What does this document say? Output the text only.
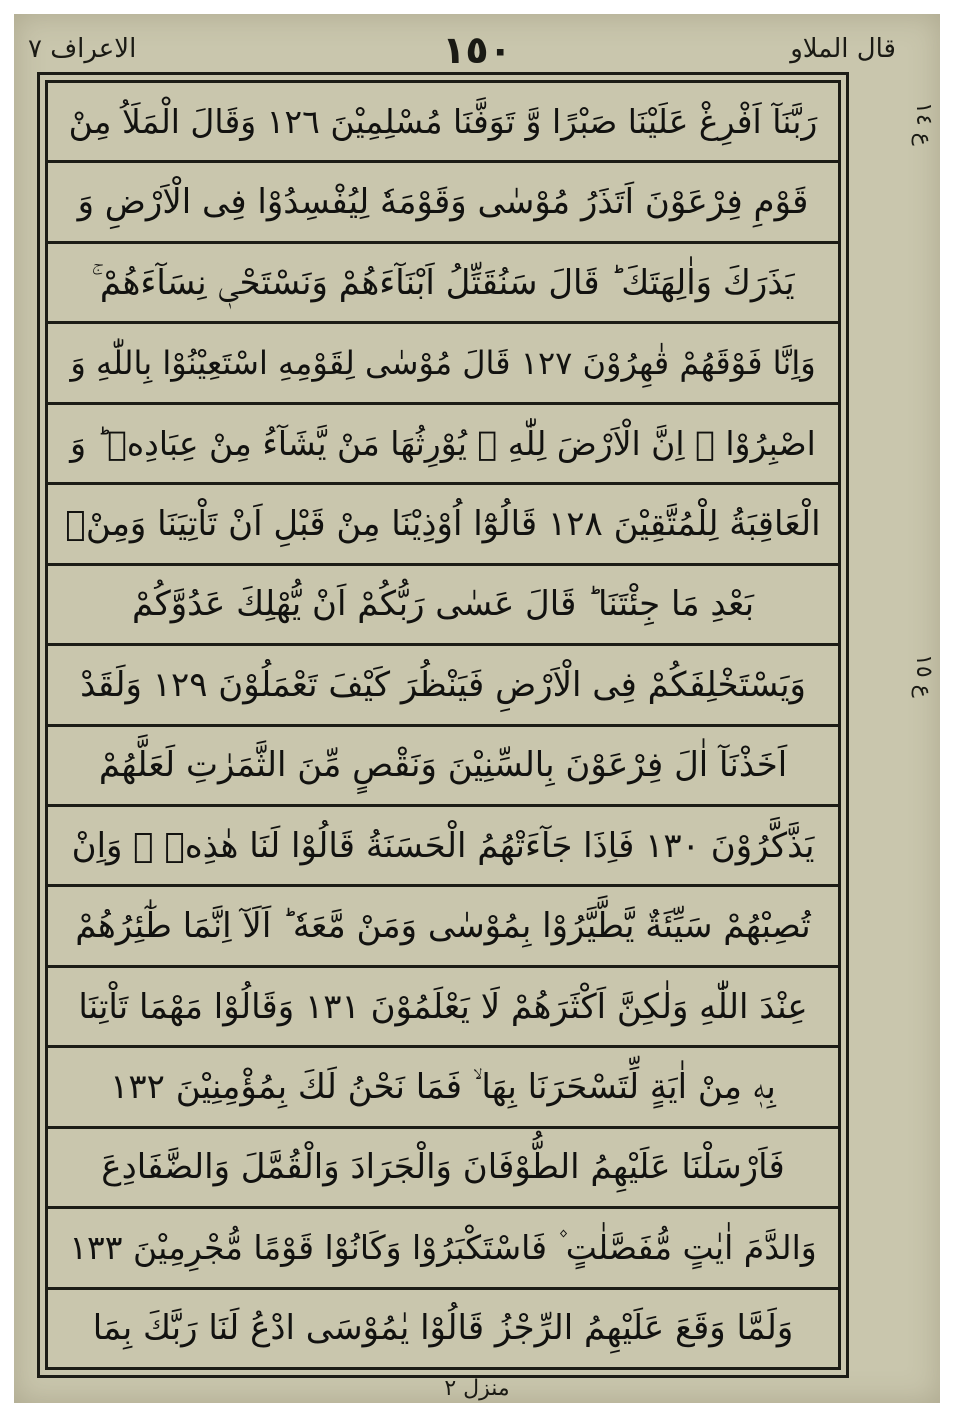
قال الملاو
١٥٠
الاعراف ٧
رَبَّنَآ اَفْرِغْ عَلَيْنَا صَبْرًا وَّ تَوَفَّنَا مُسْلِمِيْنَ ١٢٦ وَقَالَ الْمَلَاُ مِنْ
قَوْمِ فِرْعَوْنَ اَتَذَرُ مُوْسٰى وَقَوْمَهٗ لِيُفْسِدُوْا فِى الْاَرْضِ وَ
يَذَرَكَ وَاٰلِهَتَكَ ؕ قَالَ سَنُقَتِّلُ اَبْنَآءَهُمْ وَنَسْتَحْىٖ نِسَآءَهُمْ ۚ
وَاِنَّا فَوْقَهُمْ قٰهِرُوْنَ ١٢٧ قَالَ مُوْسٰى لِقَوْمِهِ اسْتَعِيْنُوْا بِاللّٰهِ وَ
اصْبِرُوْا ۚ اِنَّ الْاَرْضَ لِلّٰهِ ۙ يُوْرِثُهَا مَنْ يَّشَآءُ مِنْ عِبَادِهٖ ؕ وَ
الْعَاقِبَةُ لِلْمُتَّقِيْنَ ١٢٨ قَالُوْٓا اُوْذِيْنَا مِنْ قَبْلِ اَنْ تَاْتِيَنَا وَمِنْۢ
بَعْدِ مَا جِئْتَنَا ؕ قَالَ عَسٰى رَبُّكُمْ اَنْ يُّهْلِكَ عَدُوَّكُمْ
وَيَسْتَخْلِفَكُمْ فِى الْاَرْضِ فَيَنْظُرَ كَيْفَ تَعْمَلُوْنَ ١٢٩ وَلَقَدْ
اَخَذْنَآ اٰلَ فِرْعَوْنَ بِالسِّنِيْنَ وَنَقْصٍ مِّنَ الثَّمَرٰتِ لَعَلَّهُمْ
يَذَّكَّرُوْنَ ١٣٠ فَاِذَا جَآءَتْهُمُ الْحَسَنَةُ قَالُوْا لَنَا هٰذِهٖ ۚ وَاِنْ
تُصِبْهُمْ سَيِّئَةٌ يَّطَّيَّرُوْا بِمُوْسٰى وَمَنْ مَّعَهٗ ؕ اَلَآ اِنَّمَا طٰٓئِرُهُمْ
عِنْدَ اللّٰهِ وَلٰكِنَّ اَكْثَرَهُمْ لَا يَعْلَمُوْنَ ١٣١ وَقَالُوْا مَهْمَا تَاْتِنَا
بِهٖ مِنْ اٰيَةٍ لِّتَسْحَرَنَا بِهَا ۙ فَمَا نَحْنُ لَكَ بِمُؤْمِنِيْنَ ١٣٢
فَاَرْسَلْنَا عَلَيْهِمُ الطُّوْفَانَ وَالْجَرَادَ وَالْقُمَّلَ وَالضَّفَادِعَ
وَالدَّمَ اٰيٰتٍ مُّفَصَّلٰتٍ ۫ فَاسْتَكْبَرُوْا وَكَانُوْا قَوْمًا مُّجْرِمِيْنَ ١٣٣
وَلَمَّا وَقَعَ عَلَيْهِمُ الرِّجْزُ قَالُوْا يٰمُوْسَى ادْعُ لَنَا رَبَّكَ بِمَا
ع ١٤
ع ١٥
منزل ٢
